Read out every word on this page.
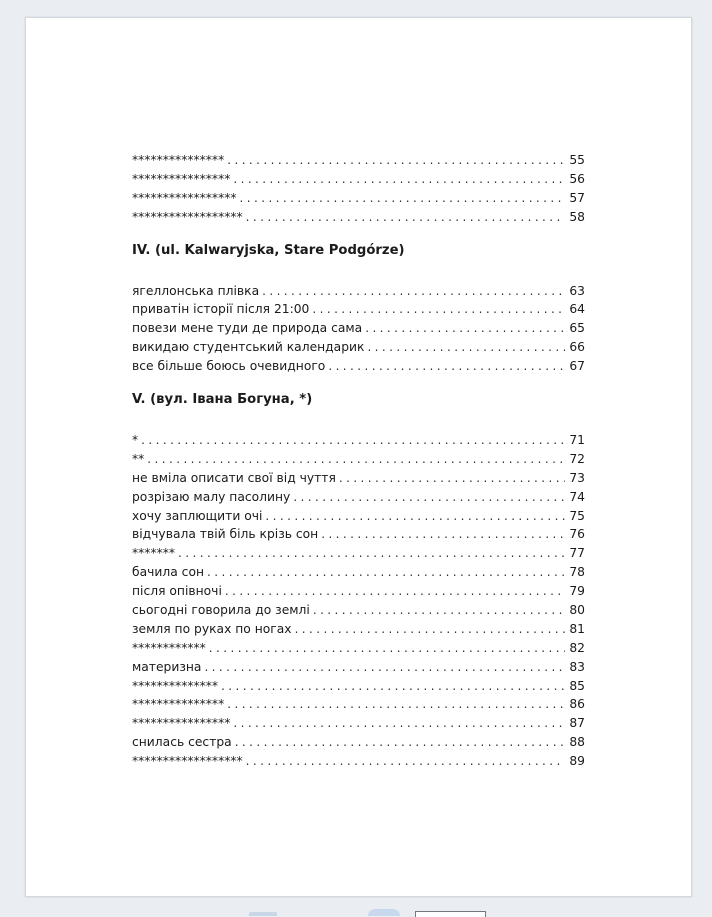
*************** . . .	55
**************** . . .	56
***************** . . .	57
****************** . . .	58
IV. (ul. Kalwaryjska, Stare Podgórze)
ягеллонська плівка . . .	63
приватін історії після 21:00 . . .	64
повези мене туди де природа сама . . .	65
викидаю студентський календарик . . .	66
все більше боюсь очевидного . . .	67
V. (вул. Івана Богуна, *)
* . . .	71
** . . .	72
не вміла описати свої від чуття . . .	73
розрізаю малу пасолину . . .	74
хочу заплющити очі . . .	75
відчувала твій біль крізь сон . . .	76
******* . . .	77
бачила сон . . .	78
після опівночі . . .	79
сьогодні говорила до землі . . .	80
земля по руках по ногах . . .	81
************ . . .	82
материзна . . .	83
************** . . .	85
*************** . . .	86
**************** . . .	87
снилась сестра . . .	88
****************** . . .	89
